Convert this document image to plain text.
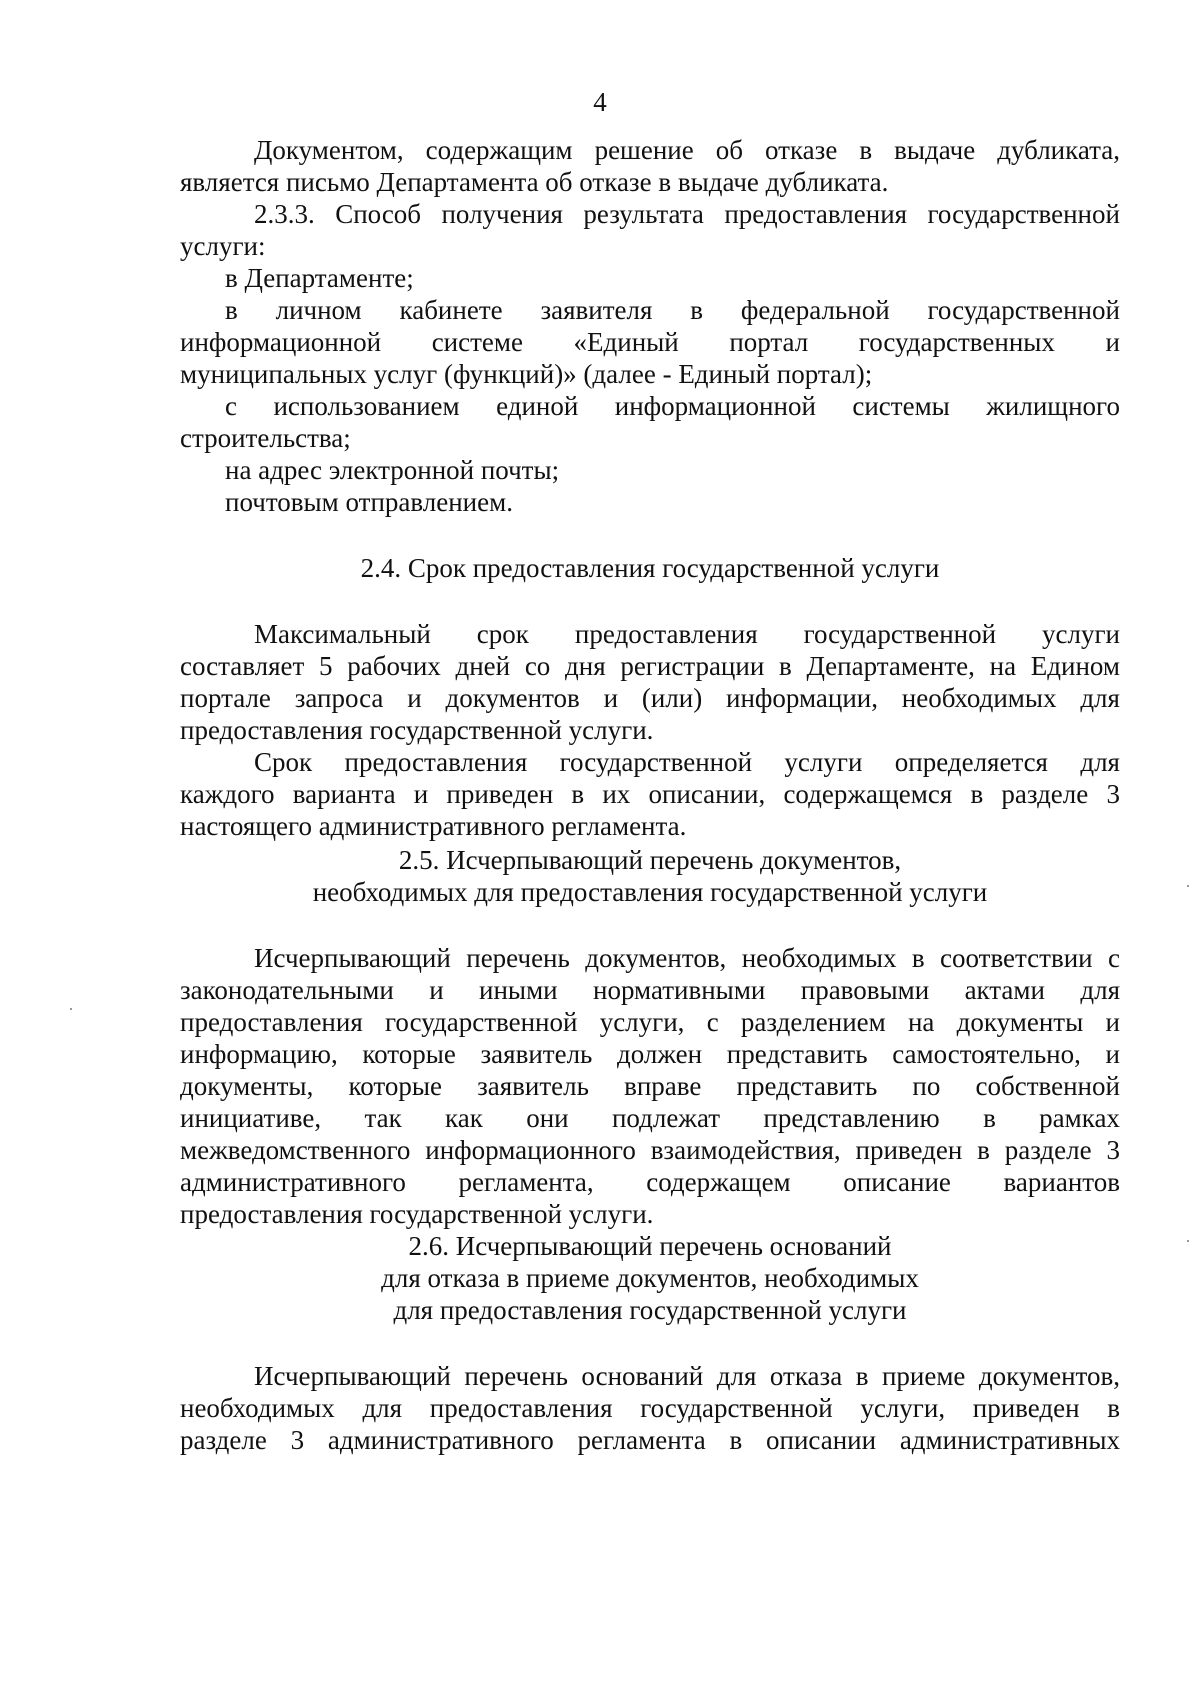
4
Документом, содержащим решение об отказе в выдаче дубликата,
является письмо Департамента об отказе в выдаче дубликата.
2.3.3. Способ получения результата предоставления государственной
услуги:
в Департаменте;
в личном кабинете заявителя в федеральной государственной
информационной системе «Единый портал государственных и
муниципальных услуг (функций)» (далее - Единый портал);
с использованием единой информационной системы жилищного
строительства;
на адрес электронной почты;
почтовым отправлением.
2.4. Срок предоставления государственной услуги
Максимальный срок предоставления государственной услуги
составляет 5 рабочих дней со дня регистрации в Департаменте, на Едином
портале запроса и документов и (или) информации, необходимых для
предоставления государственной услуги.
Срок предоставления государственной услуги определяется для
каждого варианта и приведен в их описании, содержащемся в разделе 3
настоящего административного регламента.
2.5. Исчерпывающий перечень документов,
необходимых для предоставления государственной услуги
Исчерпывающий перечень документов, необходимых в соответствии с
законодательными и иными нормативными правовыми актами для
предоставления государственной услуги, с разделением на документы и
информацию, которые заявитель должен представить самостоятельно, и
документы, которые заявитель вправе представить по собственной
инициативе, так как они подлежат представлению в рамках
межведомственного информационного взаимодействия, приведен в разделе 3
административного регламента, содержащем описание вариантов
предоставления государственной услуги.
2.6. Исчерпывающий перечень оснований
для отказа в приеме документов, необходимых
для предоставления государственной услуги
Исчерпывающий перечень оснований для отказа в приеме документов,
необходимых для предоставления государственной услуги, приведен в
разделе 3 административного регламента в описании административных
